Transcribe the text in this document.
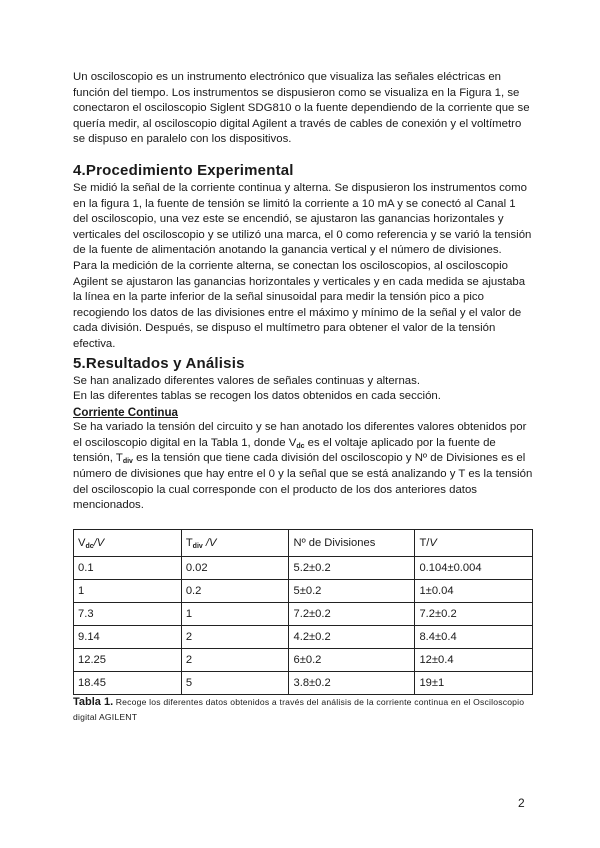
Un osciloscopio es un instrumento electrónico que visualiza las señales eléctricas en función del tiempo. Los instrumentos se dispusieron como se visualiza en la Figura 1, se conectaron el osciloscopio Siglent SDG810 o la fuente dependiendo de la corriente que se quería medir, al osciloscopio digital Agilent a través de cables de conexión y el voltímetro se dispuso en paralelo con los dispositivos.

4.Procedimiento Experimental

Se midió la señal de la corriente continua y alterna. Se dispusieron los instrumentos como en la figura 1, la fuente de tensión se limitó la corriente a 10 mA y se conectó al Canal 1 del osciloscopio, una vez este se encendió, se ajustaron las ganancias horizontales y verticales del osciloscopio y se utilizó una marca, el 0 como referencia y se varió la tensión de la fuente de alimentación anotando la ganancia vertical y el número de divisiones.

Para la medición de la corriente alterna, se conectan los osciloscopios, al osciloscopio Agilent se ajustaron las ganancias horizontales y verticales y en cada medida se ajustaba la línea en la parte inferior de la señal sinusoidal para medir la tensión pico a pico recogiendo los datos de las divisiones entre el máximo y mínimo de la señal y el valor de cada división. Después, se dispuso el multímetro para obtener el valor de la tensión efectiva.

5.Resultados y Análisis

Se han analizado diferentes valores de señales continuas y alternas.

En las diferentes tablas se recogen los datos obtenidos en cada sección.

Corriente Continua

Se ha variado la tensión del circuito y se han anotado los diferentes valores obtenidos por el osciloscopio digital en la Tabla 1, donde $V_{dc}$ es el voltaje aplicado por la fuente de tensión, $T_{div}$ es la tensión que tiene cada división del osciloscopio y Nº de Divisiones es el número de divisiones que hay entre el 0 y la señal que se está analizando y T es la tensión del osciloscopio la cual corresponde con el producto de los dos anteriores datos mencionados.

$V_{dc}/V$	$T_{div}$ /V	Nº de Divisiones	T/V
0.1	0.02	5.2±0.2	0.104±0.004
1	0.2	5±0.2	1±0.04
7.3	1	7.2±0.2	7.2±0.2
9.14	2	4.2±0.2	8.4±0.4
12.25	2	6±0.2	12±0.4
18.45	5	3.8±0.2	19±1
Tabla 1. Recoge los diferentes datos obtenidos a través del análisis de la corriente continua en el Osciloscopio digital AGILENT
2
